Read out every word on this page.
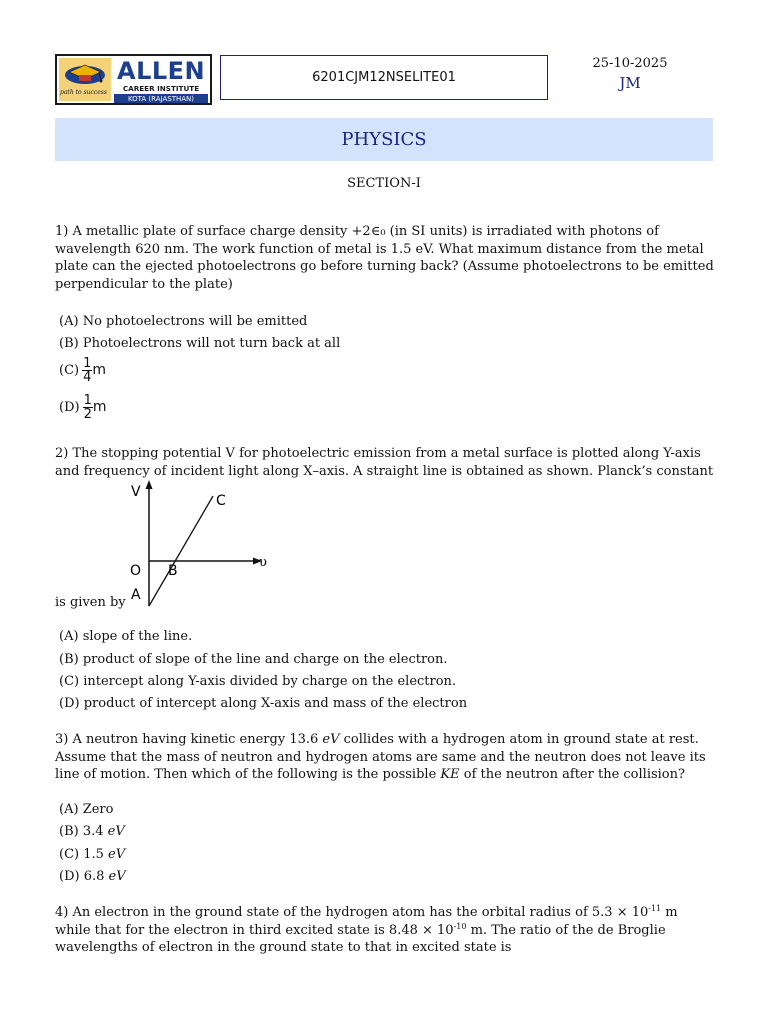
path to success
ALLEN
CAREER INSTITUTE
KOTA (RAJASTHAN)
6201CJM12NSELITE01
25-10-2025
JM
PHYSICS
SECTION-I
1) A metallic plate of surface charge density +2∈₀ (in SI units) is irradiated with photons of wavelength 620 nm. The work function of metal is 1.5 eV. What maximum distance from the metal plate can the ejected photoelectrons go before turning back? (Assume photoelectrons to be emitted perpendicular to the plate)
(A) No photoelectrons will be emitted
(B) Photoelectrons will not turn back at all
$(C) \frac{1}{4}$ m
$(D) \frac{1}{2}$ m
2) The stopping potential V for photoelectric emission from a metal surface is plotted along Y-axis and frequency of incident light along X–axis. A straight line is obtained as shown. Planck’s constant
is given by
V
C
υ
O B
A
(A) slope of the line.
(B) product of slope of the line and charge on the electron.
(C) intercept along Y-axis divided by charge on the electron.
(D) product of intercept along X-axis and mass of the electron
3) A neutron having kinetic energy 13.6 eV collides with a hydrogen atom in ground state at rest. Assume that the mass of neutron and hydrogen atoms are same and the neutron does not leave its line of motion. Then which of the following is the possible KE of the neutron after the collision?
(A) Zero
(B) 3.4 eV
(C) 1.5 eV
(D) 6.8 eV
4) An electron in the ground state of the hydrogen atom has the orbital radius of $5.3 \times 10^{-11}$ m while that for the electron in third excited state is $8.48 \times 10^{-10}$ m. The ratio of the de Broglie wavelengths of electron in the ground state to that in excited state is
